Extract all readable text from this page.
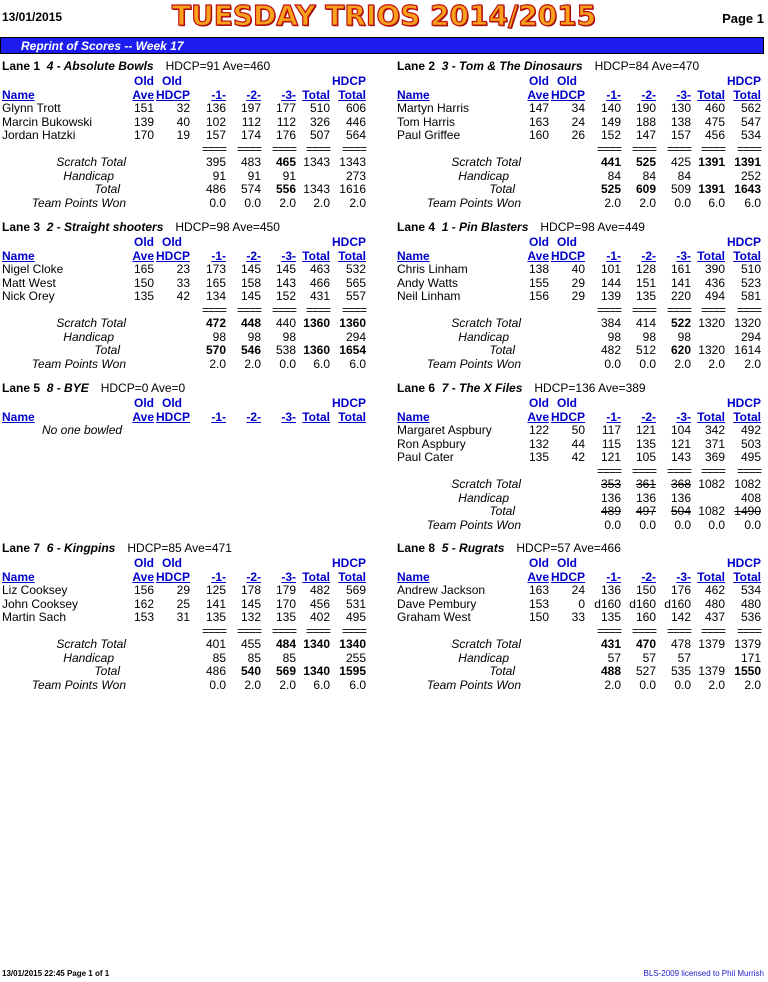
13/01/2015	TUESDAY TRIOS 2014/2015	Page 1
Reprint of Scores -- Week 17
Lane 1 4 - Absolute Bowls HDCP=91 Ave=460
Old Old	HDCP
Name	Ave HDCP -1- -2- -3- Total Total
Glynn Trott	151 32 136 197 177 510 606
Marcin Bukowski	139 40 102 112 112 326 446
Jordan Hatzki	170 19 157 174 176 507 564
==== ==== ==== ==== ====
Scratch Total	395 483 465 1343 1343
Handicap	91 91 91	273
Total	486 574 556 1343 1616
Team Points Won	0.0 0.0 2.0 2.0 2.0
Lane 2 3 - Tom & The Dinosaurs HDCP=84 Ave=470
Old Old	HDCP
Name	Ave HDCP -1- -2- -3- Total Total
Martyn Harris	147 34 140 190 130 460 562
Tom Harris	163 24 149 188 138 475 547
Paul Griffee	160 26 152 147 157 456 534
==== ==== ==== ==== ====
Scratch Total	441 525 425 1391 1391
Handicap	84 84 84	252
Total	525 609 509 1391 1643
Team Points Won	2.0 2.0 0.0 6.0 6.0
Lane 3 2 - Straight shooters HDCP=98 Ave=450
Old Old	HDCP
Name	Ave HDCP -1- -2- -3- Total Total
Nigel Cloke	165 23 173 145 145 463 532
Matt West	150 33 165 158 143 466 565
Nick Orey	135 42 134 145 152 431 557
==== ==== ==== ==== ====
Scratch Total	472 448 440 1360 1360
Handicap	98 98 98	294
Total	570 546 538 1360 1654
Team Points Won	2.0 2.0 0.0 6.0 6.0
Lane 4 1 - Pin Blasters HDCP=98 Ave=449
Old Old	HDCP
Name	Ave HDCP -1- -2- -3- Total Total
Chris Linham	138 40 101 128 161 390 510
Andy Watts	155 29 144 151 141 436 523
Neil Linham	156 29 139 135 220 494 581
==== ==== ==== ==== ====
Scratch Total	384 414 522 1320 1320
Handicap	98 98 98	294
Total	482 512 620 1320 1614
Team Points Won	0.0 0.0 2.0 2.0 2.0
Lane 5 8 - BYE HDCP=0 Ave=0
Old Old	HDCP
Name	Ave HDCP -1- -2- -3- Total Total
No one bowled
Lane 6 7 - The X Files HDCP=136 Ave=389
Old Old	HDCP
Name	Ave HDCP -1- -2- -3- Total Total
Margaret Aspbury	122 50 117 121 104 342 492
Ron Aspbury	132 44 115 135 121 371 503
Paul Cater	135 42 121 105 143 369 495
==== ==== ==== ==== ====
Scratch Total	353 361 368 1082 1082
Handicap	136 136 136	408
Total	489 497 504 1082 1490
Team Points Won	0.0 0.0 0.0 0.0 0.0
Lane 7 6 - Kingpins HDCP=85 Ave=471
Old Old	HDCP
Name	Ave HDCP -1- -2- -3- Total Total
Liz Cooksey	156 29 125 178 179 482 569
John Cooksey	162 25 141 145 170 456 531
Martin Sach	153 31 135 132 135 402 495
==== ==== ==== ==== ====
Scratch Total	401 455 484 1340 1340
Handicap	85 85 85	255
Total	486 540 569 1340 1595
Team Points Won	0.0 2.0 2.0 6.0 6.0
Lane 8 5 - Rugrats HDCP=57 Ave=466
Old Old	HDCP
Name	Ave HDCP -1- -2- -3- Total Total
Andrew Jackson	163 24 136 150 176 462 534
Dave Pembury	153 0 d160 d160 d160 480 480
Graham West	150 33 135 160 142 437 536
==== ==== ==== ==== ====
Scratch Total	431 470 478 1379 1379
Handicap	57 57 57	171
Total	488 527 535 1379 1550
Team Points Won	2.0 0.0 0.0 2.0 2.0
13/01/2015 22:45 Page 1 of 1	BLS-2009 licensed to Phil Murrish
